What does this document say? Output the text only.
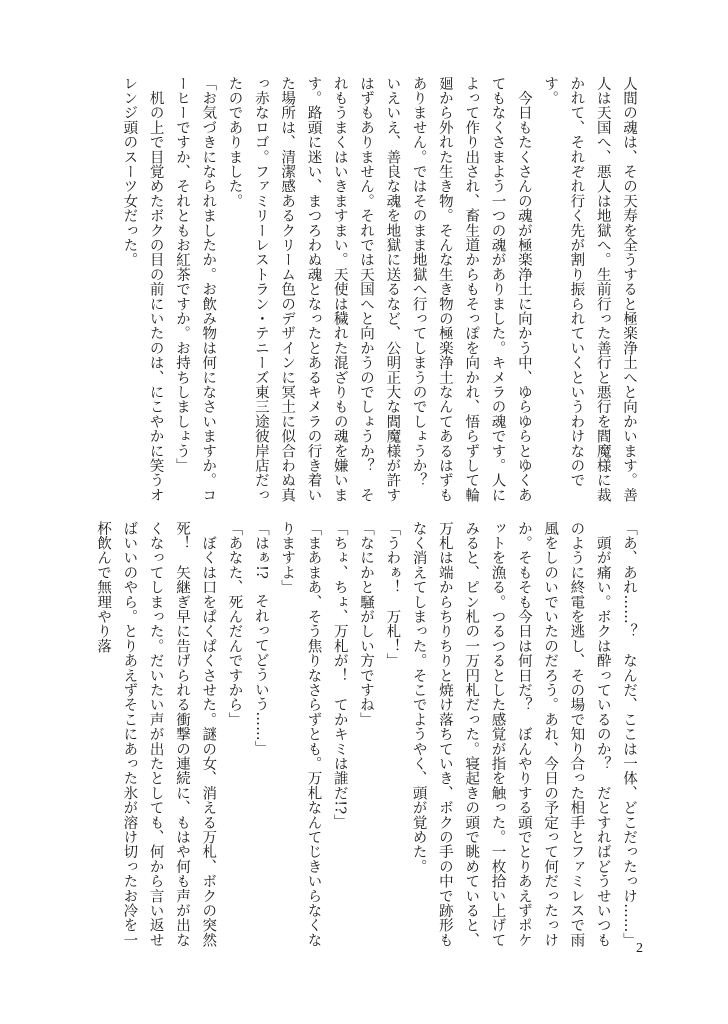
人間の魂は、その天寿を全うすると極楽浄土へと向かいます。善人は天国へ、悪人は地獄へ。生前行った善行と悪行を閻魔様に裁かれて、それぞれ行く先が割り振られていくというわけなのです。

　今日もたくさんの魂が極楽浄土に向かう中、ゆらゆらとゆくあてもなくさまよう一つの魂がありました。キメラの魂です。人によって作り出され、畜生道からもそっぽを向かれ、悟らずして輪廻から外れた生き物。そんな生き物の極楽浄土なんてあるはずもありません。ではそのまま地獄へ行ってしまうのでしょうか？　いえいえ、善良な魂を地獄に送るなど、公明正大な閻魔様が許すはずもありません。それでは天国へと向かうのでしょうか？　それもうまくはいきますまい。天使は穢れた混ざりもの魂を嫌います。路頭に迷い、まつろわぬ魂となったとあるキメラの行き着いた場所は、清潔感あるクリーム色のデザインに冥土に似合わぬ真っ赤なロゴ。ファミリーレストラン・テニーズ東三途彼岸店だったのでありました。

「お気づきになられましたか。お飲み物は何になさいますか。コーヒーですか、それともお紅茶ですか。お持ちしましょう」

　机の上で目覚めたボクの目の前にいたのは、にこやかに笑うオレンジ頭のスーツ女だった。

「あ、あれ……？　なんだ、ここは一体、どこだったっけ……」

　頭が痛い。ボクは酔っているのか？　だとすればどうせいつものように終電を逃し、その場で知り合った相手とファミレスで雨風をしのいでいたのだろう。あれ、今日の予定って何だったっけか。そもそも今日は何日だ？　ぼんやりする頭でとりあえずポケットを漁る。つるつるとした感覚が指を触った。一枚拾い上げてみると、ピン札の一万円札だった。寝起きの頭で眺めていると、万札は端からちりちりと焼け落ちていき、ボクの手の中で跡形もなく消えてしまった。そこでようやく、頭が覚めた。

「うわぁ！　万札！」

「なにかと騒がしい方ですね」

「ちょ、ちょ、万札が！　てかキミは誰だ!?」

「まあまあ、そう焦りなさらずとも。万札なんてじきいらなくなりますよ」

「はぁ!?　それってどういう……」

「あなた、死んだんですから」

　ぼくは口をぱくぱくさせた。謎の女、消える万札、ボクの突然死！　矢継ぎ早に告げられる衝撃の連続に、もはや何も声が出なくなってしまった。だいたい声が出たとしても、何から言い返せばいいのやら。とりあえずそこにあった氷が溶け切ったお冷を一杯飲んで無理やり落

2
